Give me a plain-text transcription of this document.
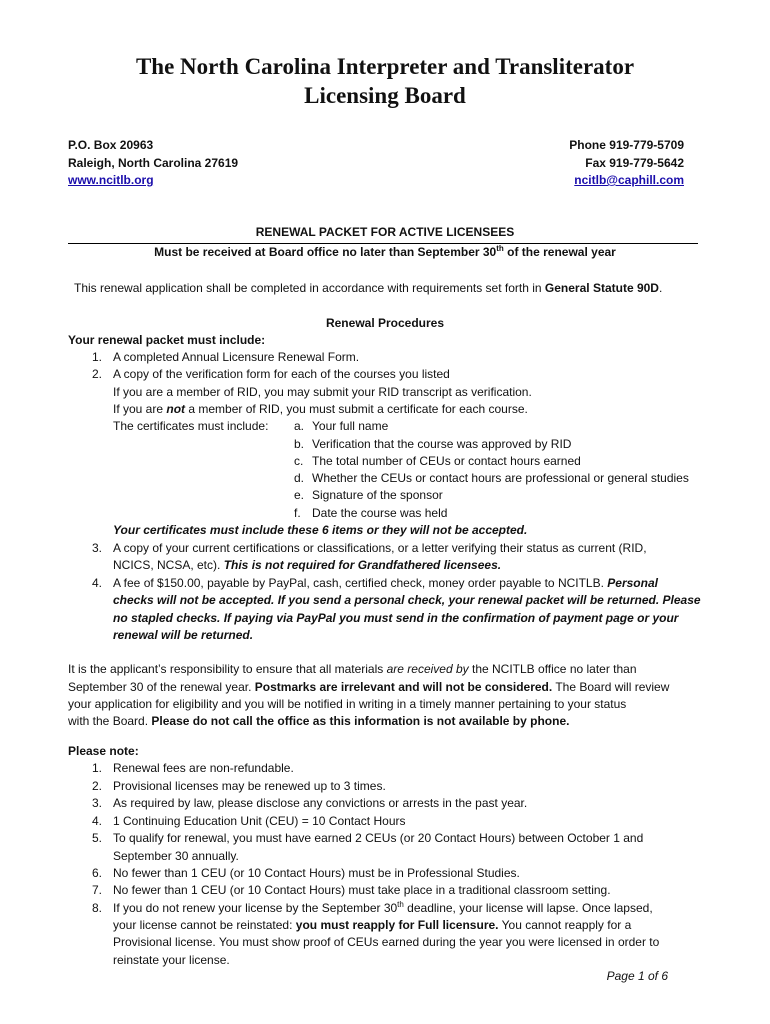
The North Carolina Interpreter and Transliterator
Licensing Board
P.O. Box 20963
Raleigh, North Carolina 27619
www.ncitlb.org
Phone 919-779-5709
Fax 919-779-5642
ncitlb@caphill.com
RENEWAL PACKET FOR ACTIVE LICENSEES
Must be received at Board office no later than September 30th of the renewal year
This renewal application shall be completed in accordance with requirements set forth in General Statute 90D.
Renewal Procedures
Your renewal packet must include:
1. A completed Annual Licensure Renewal Form.
2. A copy of the verification form for each of the courses you listed
If you are a member of RID, you may submit your RID transcript as verification.
If you are not a member of RID, you must submit a certificate for each course.
The certificates must include: a. Your full name
b. Verification that the course was approved by RID
c. The total number of CEUs or contact hours earned
d. Whether the CEUs or contact hours are professional or general studies
e. Signature of the sponsor
f. Date the course was held
Your certificates must include these 6 items or they will not be accepted.
3. A copy of your current certifications or classifications, or a letter verifying their status as current (RID,
NCICS, NCSA, etc). This is not required for Grandfathered licensees.
4. A fee of $150.00, payable by PayPal, cash, certified check, money order payable to NCITLB. Personal
checks will not be accepted. If you send a personal check, your renewal packet will be returned. Please
no stapled checks. If paying via PayPal you must send in the confirmation of payment page or your
renewal will be returned.
It is the applicant’s responsibility to ensure that all materials are received by the NCITLB office no later than
September 30 of the renewal year. Postmarks are irrelevant and will not be considered. The Board will review
your application for eligibility and you will be notified in writing in a timely manner pertaining to your status
with the Board. Please do not call the office as this information is not available by phone.
Please note:
1. Renewal fees are non-refundable.
2. Provisional licenses may be renewed up to 3 times.
3. As required by law, please disclose any convictions or arrests in the past year.
4. 1 Continuing Education Unit (CEU) = 10 Contact Hours
5. To qualify for renewal, you must have earned 2 CEUs (or 20 Contact Hours) between October 1 and
September 30 annually.
6. No fewer than 1 CEU (or 10 Contact Hours) must be in Professional Studies.
7. No fewer than 1 CEU (or 10 Contact Hours) must take place in a traditional classroom setting.
8. If you do not renew your license by the September 30th deadline, your license will lapse. Once lapsed,
your license cannot be reinstated: you must reapply for Full licensure. You cannot reapply for a
Provisional license. You must show proof of CEUs earned during the year you were licensed in order to
reinstate your license.
Page 1 of 6
